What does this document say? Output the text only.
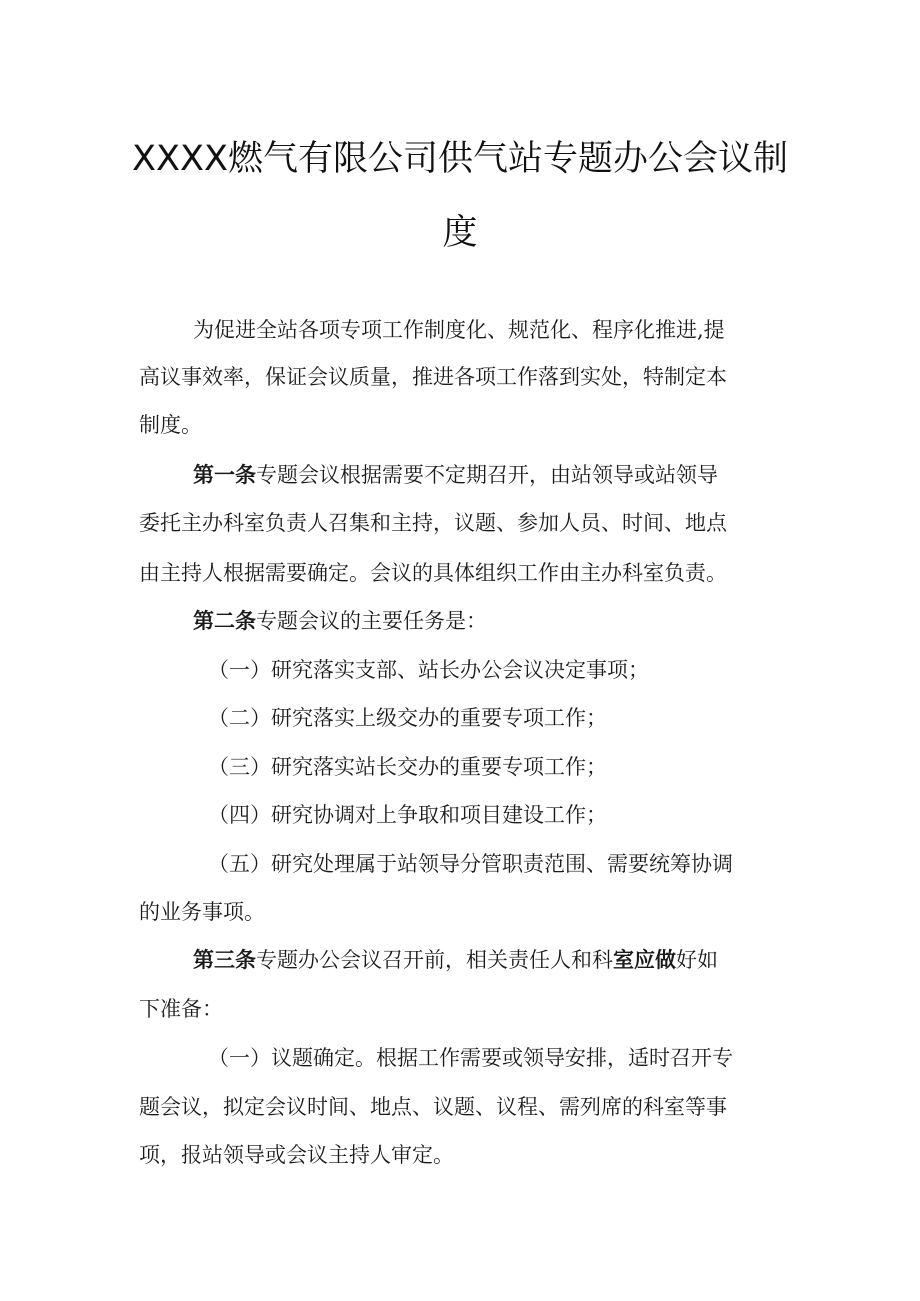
XXXX燃气有限公司供气站专题办公会议制
度
为促进全站各项专项工作制度化、规范化、程序化推进,提
高议事效率，保证会议质量，推进各项工作落到实处，特制定本
制度。
第一条专题会议根据需要不定期召开，由站领导或站领导
委托主办科室负责人召集和主持，议题、参加人员、时间、地点
由主持人根据需要确定。会议的具体组织工作由主办科室负责。
第二条专题会议的主要任务是：
（一）研究落实支部、站长办公会议决定事项；
（二）研究落实上级交办的重要专项工作；
（三）研究落实站长交办的重要专项工作；
（四）研究协调对上争取和项目建设工作；
（五）研究处理属于站领导分管职责范围、需要统筹协调
的业务事项。
第三条专题办公会议召开前，相关责任人和科室应做好如
下准备：
（一）议题确定。根据工作需要或领导安排，适时召开专
题会议，拟定会议时间、地点、议题、议程、需列席的科室等事
项，报站领导或会议主持人审定。
